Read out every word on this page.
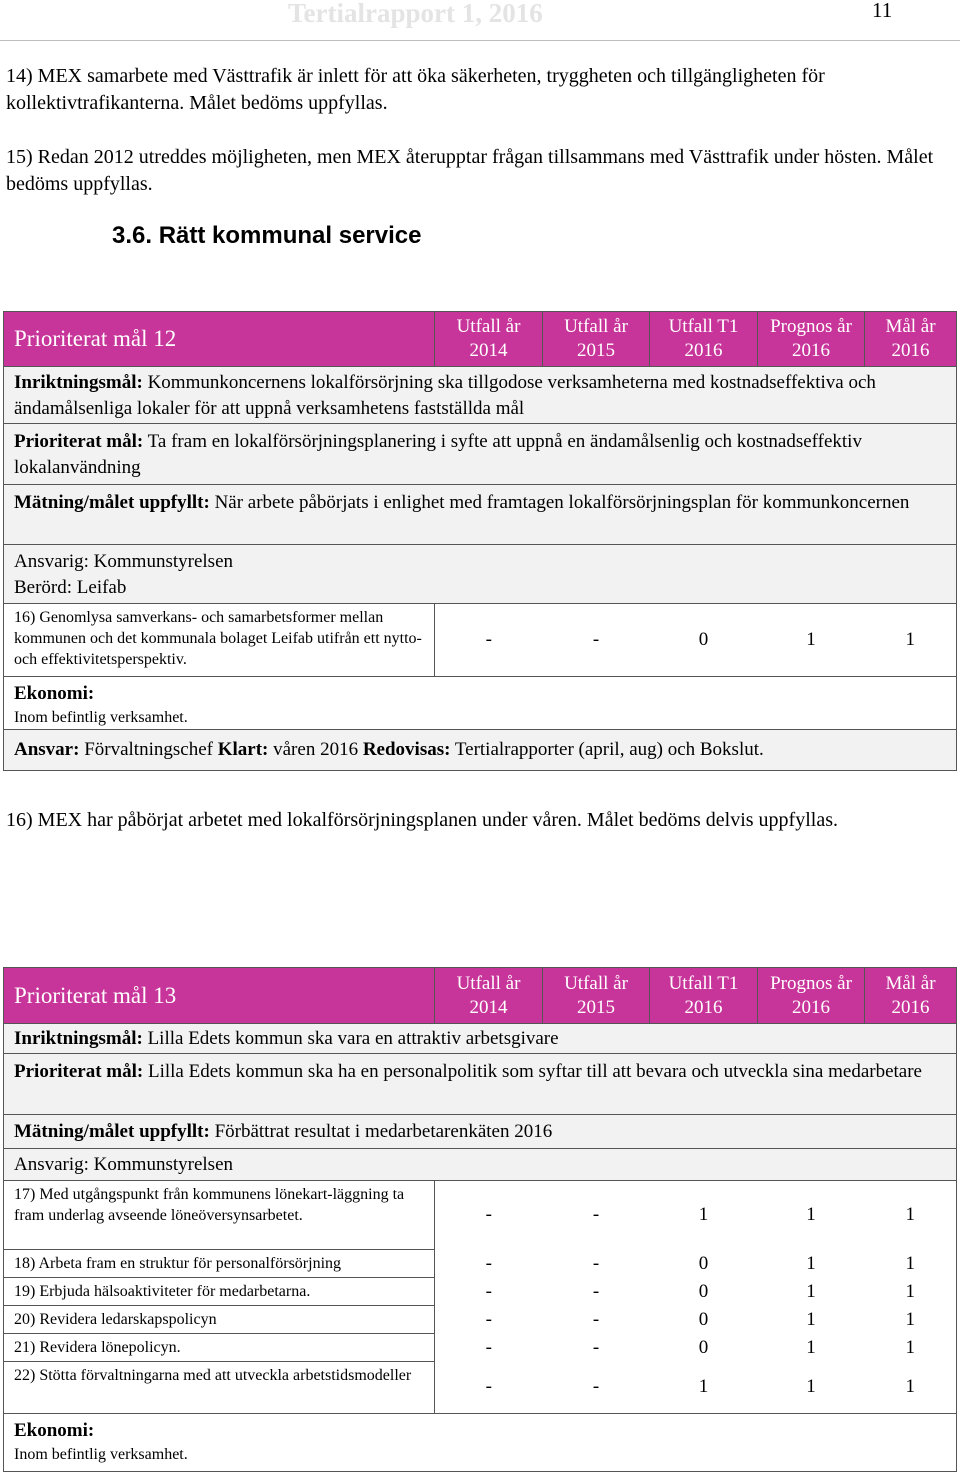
Tertialrapport 1, 2016	11
14) MEX samarbete med Västtrafik är inlett för att öka säkerheten, tryggheten och tillgängligheten för kollektivtrafikanterna. Målet bedöms uppfyllas.
15) Redan 2012 utreddes möjligheten, men MEX återupptar frågan tillsammans med Västtrafik under hösten. Målet bedöms uppfyllas.
3.6. Rätt kommunal service
Prioriterat mål 12	Utfall år 2014	Utfall år 2015	Utfall T1 2016	Prognos år 2016	Mål år 2016
Inriktningsmål: Kommunkoncernens lokalförsörjning ska tillgodose verksamheterna med kostnadseffektiva och ändamålsenliga lokaler för att uppnå verksamhetens fastställda mål					
Prioriterat mål: Ta fram en lokalförsörjningsplanering i syfte att uppnå en ändamålsenlig och kostnadseffektiv lokalanvändning					
Mätning/målet uppfyllt: När arbete påbörjats i enlighet med framtagen lokalförsörjningsplan för kommunkoncernen					

Ansvarig: Kommunstyrelsen
Berörd: Leifab					

16) Genomlysa samverkans- och samarbetsformer mellan kommunen och det kommunala bolaget Leifab utifrån ett nytto- och effektivitetsperspektiv.	-	-	0	1	1

Ekonomi:
Inom befintlig verksamhet.					

Ansvar: Förvaltningschef Klart: våren 2016 Redovisas: Tertialrapporter (april, aug) och Bokslut.					
16) MEX har påbörjat arbetet med lokalförsörjningsplanen under våren. Målet bedöms delvis uppfyllas.
Prioriterat mål 13	Utfall år 2014	Utfall år 2015	Utfall T1 2016	Prognos år 2016	Mål år 2016
Inriktningsmål: Lilla Edets kommun ska vara en attraktiv arbetsgivare					
Prioriterat mål: Lilla Edets kommun ska ha en personalpolitik som syftar till att bevara och utveckla sina medarbetare					
Mätning/målet uppfyllt: Förbättrat resultat i medarbetarenkäten 2016					
Ansvarig: Kommunstyrelsen					
17) Med utgångspunkt från kommunens lönekart-läggning ta fram underlag avseende löneöversynsarbetet.	-	-	1	1	1
18) Arbeta fram en struktur för personalförsörjning	-	-	0	1	1
19) Erbjuda hälsoaktiviteter för medarbetarna.	-	-	0	1	1
20) Revidera ledarskapspolicyn	-	-	0	1	1
21) Revidera lönepolicyn.	-	-	0	1	1
22) Stötta förvaltningarna med att utveckla arbetstidsmodeller	-	-	1	1	1

Ekonomi:
Inom befintlig verksamhet.					
